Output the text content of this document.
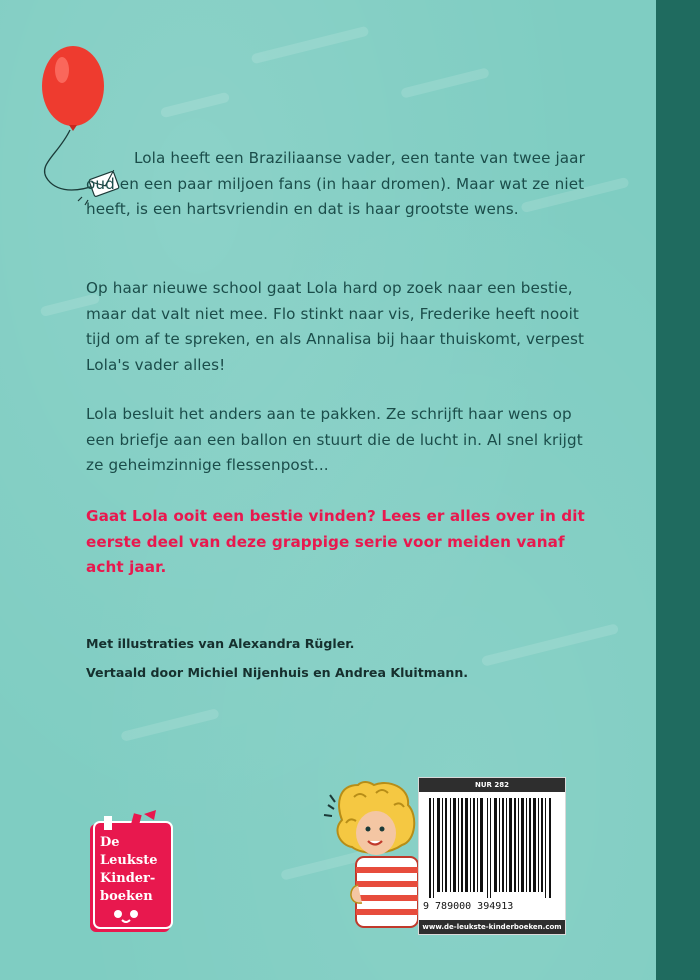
Lola heeft een Braziliaanse vader, een tante van twee jaar oud en een paar miljoen fans (in haar dromen). Maar wat ze niet heeft, is een hartsvriendin en dat is haar grootste wens.

Op haar nieuwe school gaat Lola hard op zoek naar een bestie, maar dat valt niet mee. Flo stinkt naar vis, Frederike heeft nooit tijd om af te spreken, en als Annalisa bij haar thuiskomt, verpest Lola's vader alles!

Lola besluit het anders aan te pakken. Ze schrijft haar wens op een briefje aan een ballon en stuurt die de lucht in. Al snel krijgt ze geheimzinnige flessenpost...

Gaat Lola ooit een bestie vinden? Lees er alles over in dit eerste deel van deze grappige serie voor meiden vanaf acht jaar.

Met illustraties van Alexandra Rügler.

Vertaald door Michiel Nijenhuis en Andrea Kluitmann.

De
Leukste
Kinder-
boeken
NUR 282
9 789000 394913
www.de-leukste-kinderboeken.com
